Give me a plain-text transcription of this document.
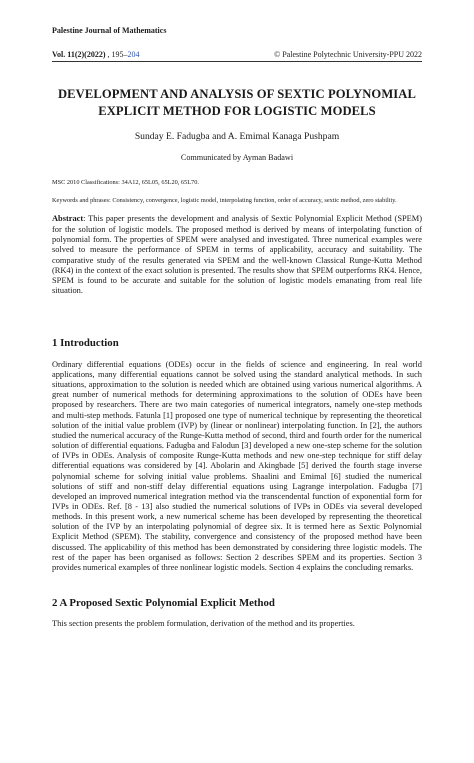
Palestine Journal of Mathematics

Vol. 11(2)(2022) , 195–204	© Palestine Polytechnic University-PPU 2022
DEVELOPMENT AND ANALYSIS OF SEXTIC POLYNOMIAL EXPLICIT METHOD FOR LOGISTIC MODELS
Sunday E. Fadugba and A. Emimal Kanaga Pushpam
Communicated by Ayman Badawi
MSC 2010 Classifications: 34A12, 65L05, 65L20, 65L70.
Keywords and phrases: Consistency, convergence, logistic model, interpolating function, order of accuracy, sextic method, zero stability.
Abstract: This paper presents the development and analysis of Sextic Polynomial Explicit Method (SPEM) for the solution of logistic models. The proposed method is derived by means of interpolating function of polynomial form. The properties of SPEM were analysed and investigated. Three numerical examples were solved to measure the performance of SPEM in terms of applicability, accuracy and suitability. The comparative study of the results generated via SPEM and the well-known Classical Runge-Kutta Method (RK4) in the context of the exact solution is presented. The results show that SPEM outperforms RK4. Hence, SPEM is found to be accurate and suitable for the solution of logistic models emanating from real life situation.
1 Introduction
Ordinary differential equations (ODEs) occur in the fields of science and engineering. In real world applications, many differential equations cannot be solved using the standard analytical methods. In such situations, approximation to the solution is needed which are obtained using various numerical algorithms. A great number of numerical methods for determining approximations to the solution of ODEs have been proposed by researchers. There are two main categories of numerical integrators, namely one-step methods and multi-step methods. Fatunla [1] proposed one type of numerical technique by representing the theoretical solution of the initial value problem (IVP) by (linear or nonlinear) interpolating function. In [2], the authors studied the numerical accuracy of the Runge-Kutta method of second, third and fourth order for the numerical solution of differential equations. Fadugba and Falodun [3] developed a new one-step scheme for the solution of IVPs in ODEs. Analysis of composite Runge-Kutta methods and new one-step technique for stiff delay differential equations was considered by [4]. Abolarin and Akingbade [5] derived the fourth stage inverse polynomial scheme for solving initial value problems. Shaalini and Emimal [6] studied the numerical solutions of stiff and non-stiff delay differential equations using Lagrange interpolation. Fadugba [7] developed an improved numerical integration method via the transcendental function of exponential form for IVPs in ODEs. Ref. [8 - 13] also studied the numerical solutions of IVPs in ODEs via several developed methods. In this present work, a new numerical scheme has been developed by representing the theoretical solution of the IVP by an interpolating polynomial of degree six. It is termed here as Sextic Polynomial Explicit Method (SPEM). The stability, convergence and consistency of the proposed method have been discussed. The applicability of this method has been demonstrated by considering three logistic models. The rest of the paper has been organised as follows: Section 2 describes SPEM and its properties. Section 3 provides numerical examples of three nonlinear logistic models. Section 4 explains the concluding remarks.
2 A Proposed Sextic Polynomial Explicit Method
This section presents the problem formulation, derivation of the method and its properties.
